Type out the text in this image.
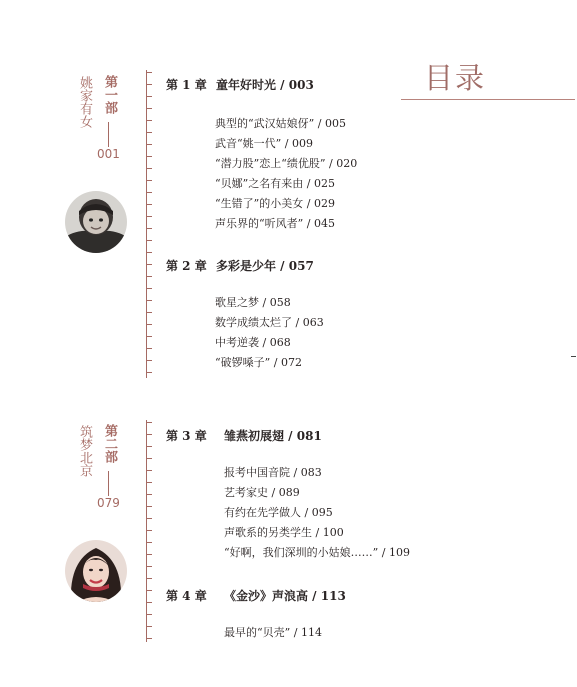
目录
姚家有女 第一部
001
第 1 章 童年好时光 / 003
典型的“武汉姑娘伢” / 005
武音“姚一代” / 009
“潜力股”恋上“绩优股” / 020
“贝娜”之名有来由 / 025
“生错了”的小美女 / 029
声乐界的“听风者” / 045
第 2 章 多彩是少年 / 057
歌星之梦 / 058
数学成绩太烂了 / 063
中考逆袭 / 068
“破锣嗓子” / 072
筑梦北京 第二部
079
第 3 章 雏燕初展翅 / 081
报考中国音院 / 083
艺考家史 / 089
有约在先学做人 / 095
声歌系的另类学生 / 100
“好啊，我们深圳的小姑娘……” / 109
第 4 章 《金沙》声浪高 / 113
最早的“贝壳” / 114
